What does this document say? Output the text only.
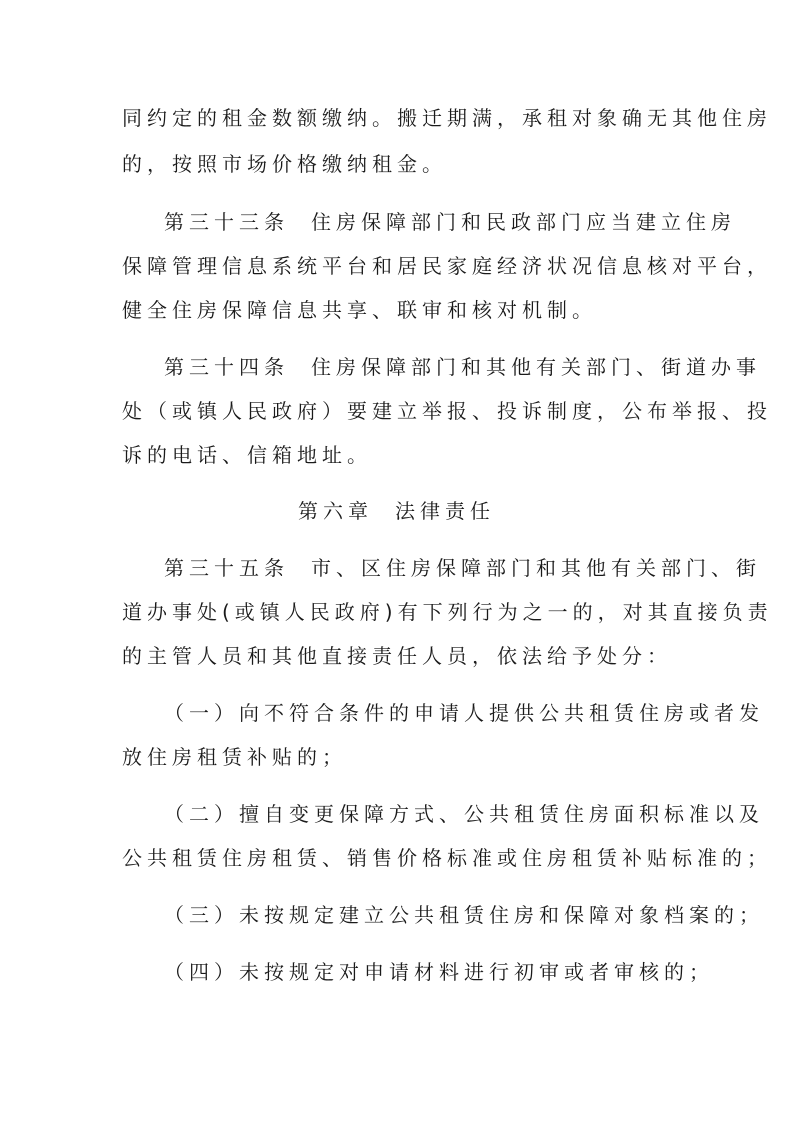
同约定的租金数额缴纳。搬迁期满，承租对象确无其他住房
的，按照市场价格缴纳租金。
第三十三条 住房保障部门和民政部门应当建立住房
保障管理信息系统平台和居民家庭经济状况信息核对平台，
健全住房保障信息共享、联审和核对机制。
第三十四条 住房保障部门和其他有关部门、街道办事
处（或镇人民政府）要建立举报、投诉制度，公布举报、投
诉的电话、信箱地址。
第六章 法律责任
第三十五条 市、区住房保障部门和其他有关部门、街
道办事处(或镇人民政府)有下列行为之一的，对其直接负责
的主管人员和其他直接责任人员，依法给予处分：
（一）向不符合条件的申请人提供公共租赁住房或者发
放住房租赁补贴的；
（二）擅自变更保障方式、公共租赁住房面积标准以及
公共租赁住房租赁、销售价格标准或住房租赁补贴标准的；
（三）未按规定建立公共租赁住房和保障对象档案的；
（四）未按规定对申请材料进行初审或者审核的；
